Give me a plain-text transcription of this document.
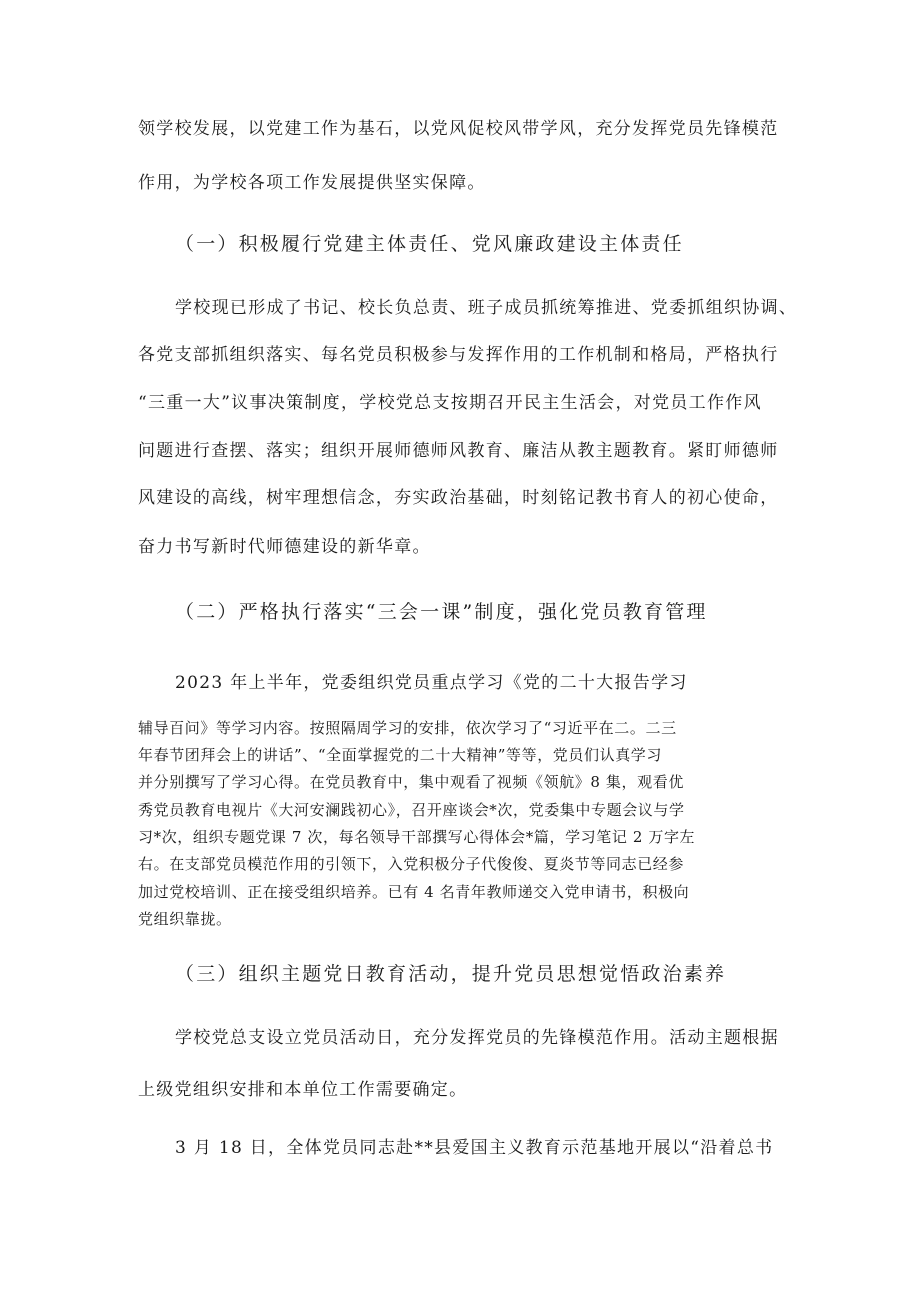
领学校发展，以党建工作为基石，以党风促校风带学风，充分发挥党员先锋模范
作用，为学校各项工作发展提供坚实保障。
（一）积极履行党建主体责任、党风廉政建设主体责任
学校现已形成了书记、校长负总责、班子成员抓统筹推进、党委抓组织协调、
各党支部抓组织落实、每名党员积极参与发挥作用的工作机制和格局，严格执行
“三重一大”议事决策制度，学校党总支按期召开民主生活会，对党员工作作风
问题进行查摆、落实；组织开展师德师风教育、廉洁从教主题教育。紧盯师德师
风建设的高线，树牢理想信念，夯实政治基础，时刻铭记教书育人的初心使命，
奋力书写新时代师德建设的新华章。
（二）严格执行落实“三会一课”制度，强化党员教育管理
2023 年上半年，党委组织党员重点学习《党的二十大报告学习
辅导百问》等学习内容。按照隔周学习的安排，依次学习了“习近平在二。二三
年春节团拜会上的讲话”、“全面掌握党的二十大精神”等等，党员们认真学习
并分别撰写了学习心得。在党员教育中，集中观看了视频《领航》8 集，观看优
秀党员教育电视片《大河安澜践初心》，召开座谈会*次，党委集中专题会议与学
习*次，组织专题党课 7 次，每名领导干部撰写心得体会*篇，学习笔记 2 万字左
右。在支部党员模范作用的引领下，入党积极分子代俊俊、夏炎节等同志已经参
加过党校培训、正在接受组织培养。已有 4 名青年教师递交入党申请书，积极向
党组织靠拢。
（三）组织主题党日教育活动，提升党员思想觉悟政治素养
学校党总支设立党员活动日，充分发挥党员的先锋模范作用。活动主题根据
上级党组织安排和本单位工作需要确定。
3 月 18 日，全体党员同志赴**县爱国主义教育示范基地开展以“沿着总书
